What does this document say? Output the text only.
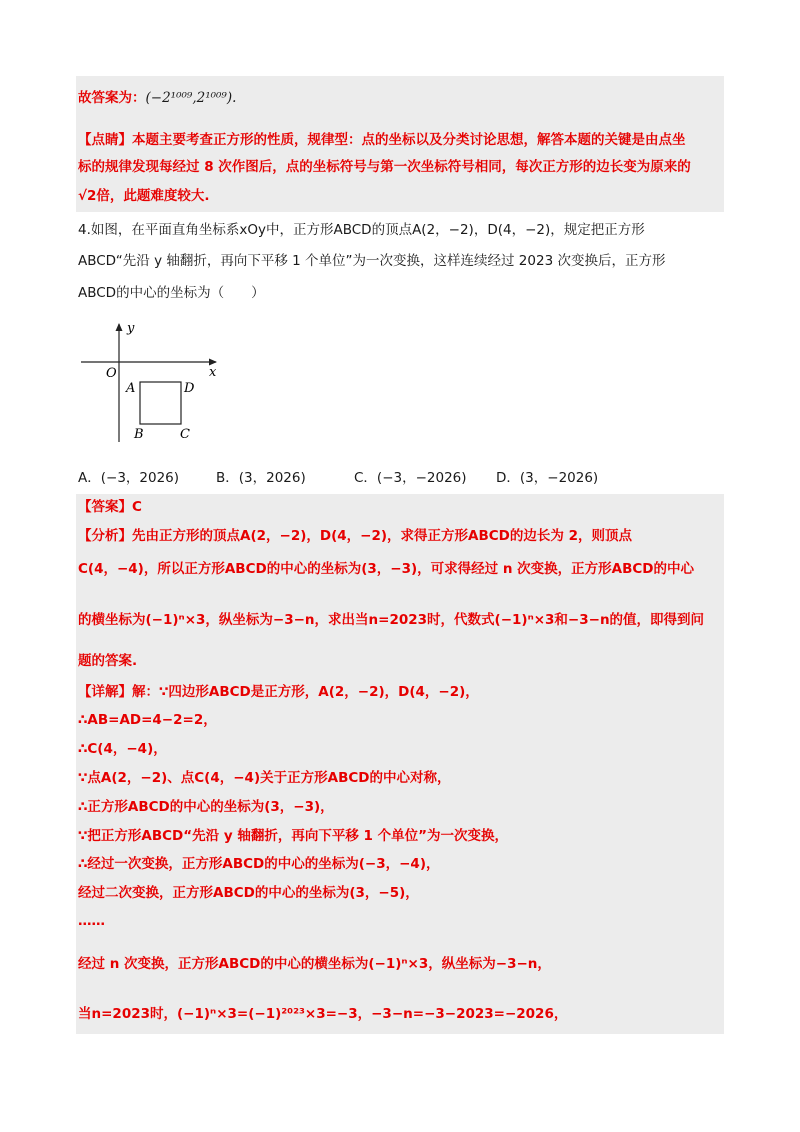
故答案为：(−2¹⁰⁰⁹,2¹⁰⁰⁹).
【点睛】本题主要考查正方形的性质，规律型：点的坐标以及分类讨论思想，解答本题的关键是由点坐
标的规律发现每经过 8 次作图后，点的坐标符号与第一次坐标符号相同，每次正方形的边长变为原来的
√2倍，此题难度较大.
4.如图，在平面直角坐标系xOy中，正方形ABCD的顶点A(2，−2)，D(4，−2)，规定把正方形
ABCD“先沿 y 轴翻折，再向下平移 1 个单位”为一次变换，这样连续经过 2023 次变换后，正方形
ABCD的中心的坐标为（　　）
y
x
O
A	D
B	C
A．(−3，2026)	B．(3，2026)	C．(−3，−2026) D．(3，−2026)
【答案】C
【分析】先由正方形的顶点A(2，−2)，D(4，−2)，求得正方形ABCD的边长为 2，则顶点
C(4，−4)，所以正方形ABCD的中心的坐标为(3，−3)，可求得经过 n 次变换，正方形ABCD的中心
的横坐标为(−1)ⁿ×3，纵坐标为−3−n，求出当n=2023时，代数式(−1)ⁿ×3和−3−n的值，即得到问
题的答案.
【详解】解：∵四边形ABCD是正方形，A(2，−2)，D(4，−2)，
∴AB=AD=4−2=2，
∴C(4，−4)，
∵点A(2，−2)、点C(4，−4)关于正方形ABCD的中心对称，
∴正方形ABCD的中心的坐标为(3，−3)，
∵把正方形ABCD“先沿 y 轴翻折，再向下平移 1 个单位”为一次变换，
∴经过一次变换，正方形ABCD的中心的坐标为(−3，−4)，
经过二次变换，正方形ABCD的中心的坐标为(3，−5)，
……
经过 n 次变换，正方形ABCD的中心的横坐标为(−1)ⁿ×3，纵坐标为−3−n，
当n=2023时，(−1)ⁿ×3=(−1)²⁰²³×3=−3，−3−n=−3−2023=−2026，
